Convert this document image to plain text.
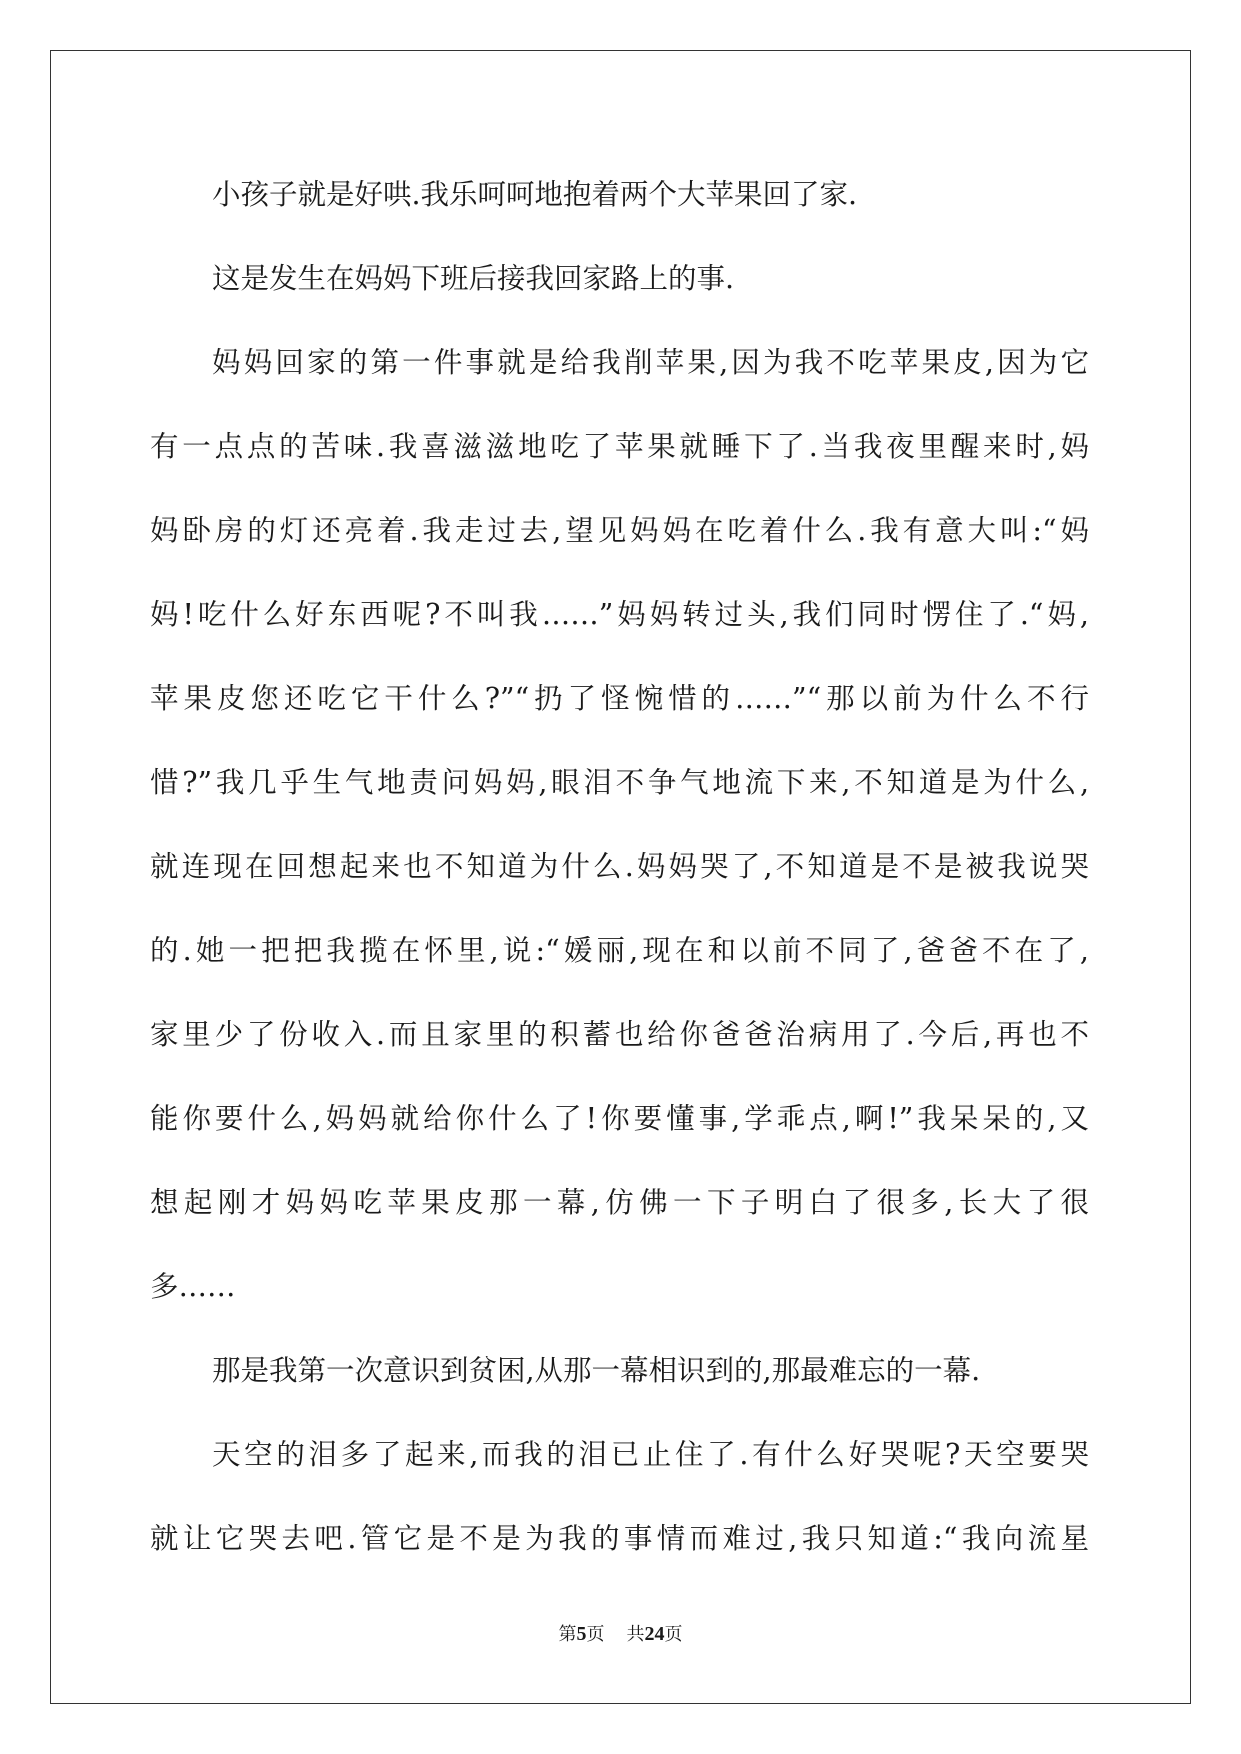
小孩子就是好哄.我乐呵呵地抱着两个大苹果回了家.
这是发生在妈妈下班后接我回家路上的事.
妈妈回家的第一件事就是给我削苹果,因为我不吃苹果皮,因为它
有一点点的苦味.我喜滋滋地吃了苹果就睡下了.当我夜里醒来时,妈
妈卧房的灯还亮着.我走过去,望见妈妈在吃着什么.我有意大叫:“妈
妈!吃什么好东西呢?不叫我……”妈妈转过头,我们同时愣住了.“妈,
苹果皮您还吃它干什么?”“扔了怪惋惜的……”“那以前为什么不行
惜?”我几乎生气地责问妈妈,眼泪不争气地流下来,不知道是为什么,
就连现在回想起来也不知道为什么.妈妈哭了,不知道是不是被我说哭
的.她一把把我揽在怀里,说:“媛丽,现在和以前不同了,爸爸不在了,
家里少了份收入.而且家里的积蓄也给你爸爸治病用了.今后,再也不
能你要什么,妈妈就给你什么了!你要懂事,学乖点,啊!”我呆呆的,又
想起刚才妈妈吃苹果皮那一幕,仿佛一下子明白了很多,长大了很
多……
那是我第一次意识到贫困,从那一幕相识到的,那最难忘的一幕.
天空的泪多了起来,而我的泪已止住了.有什么好哭呢?天空要哭
就让它哭去吧.管它是不是为我的事情而难过,我只知道:“我向流星
第5页 共24页
